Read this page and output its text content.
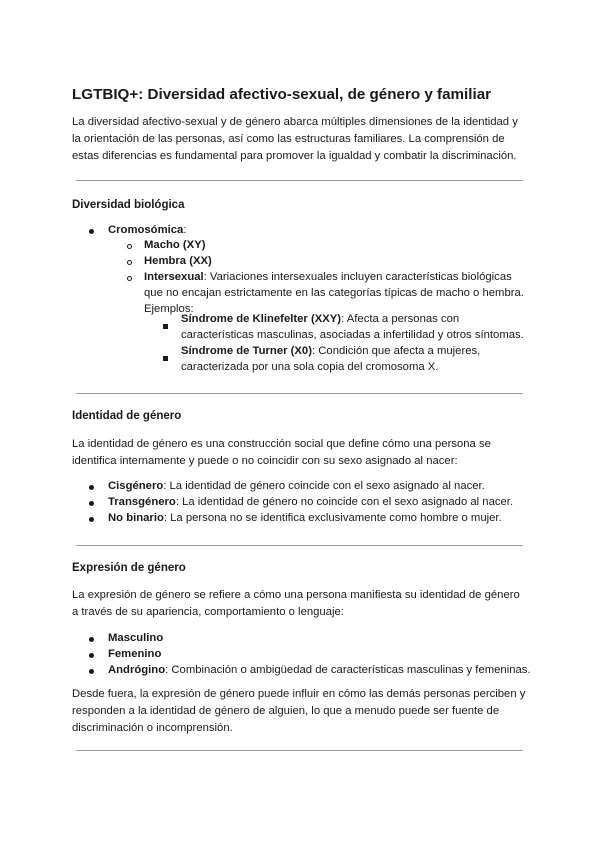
LGTBIQ+: Diversidad afectivo-sexual, de género y familiar

La diversidad afectivo-sexual y de género abarca múltiples dimensiones de la identidad y la orientación de las personas, así como las estructuras familiares. La comprensión de estas diferencias es fundamental para promover la igualdad y combatir la discriminación.

Diversidad biológica
Cromosómica:
Macho (XY)
Hembra (XX)
Intersexual: Variaciones intersexuales incluyen características biológicas que no encajan estrictamente en las categorías típicas de macho o hembra. Ejemplos:
Síndrome de Klinefelter (XXY): Afecta a personas con características masculinas, asociadas a infertilidad y otros síntomas.
Síndrome de Turner (X0): Condición que afecta a mujeres, caracterizada por una sola copia del cromosoma X.
Identidad de género

La identidad de género es una construcción social que define cómo una persona se identifica internamente y puede o no coincidir con su sexo asignado al nacer:

Cisgénero: La identidad de género coincide con el sexo asignado al nacer.
Transgénero: La identidad de género no coincide con el sexo asignado al nacer.
No binario: La persona no se identifica exclusivamente como hombre o mujer.
Expresión de género

La expresión de género se refiere a cómo una persona manifiesta su identidad de género a través de su apariencia, comportamiento o lenguaje:

Masculino
Femenino
Andrógino: Combinación o ambigüedad de características masculinas y femeninas.

Desde fuera, la expresión de género puede influir en cómo las demás personas perciben y responden a la identidad de género de alguien, lo que a menudo puede ser fuente de discriminación o incomprensión.
